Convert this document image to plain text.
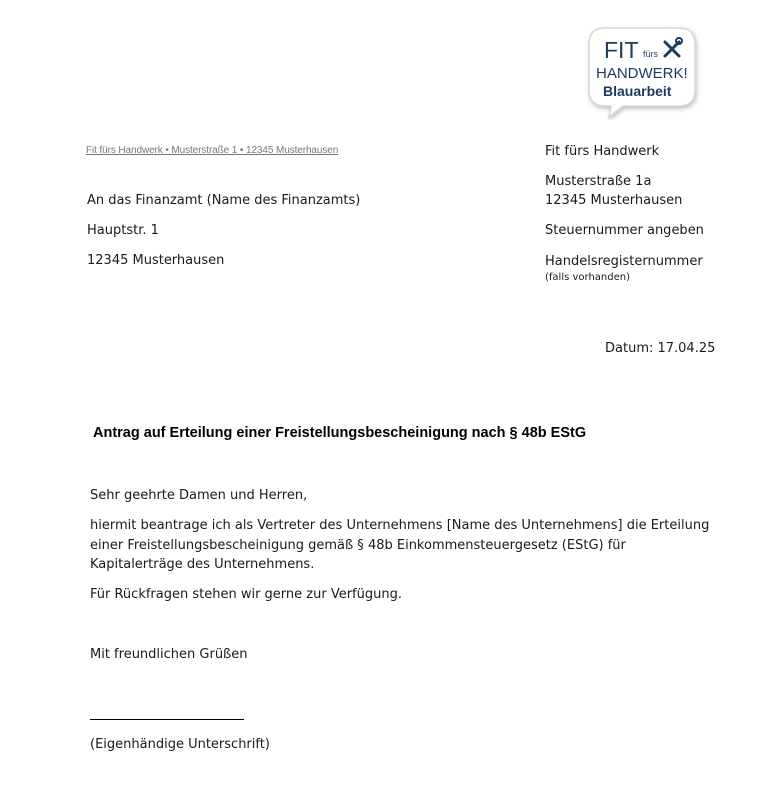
FIT fürs
HANDWERK!
Blauarbeit
Fit fürs Handwerk • Musterstraße 1 • 12345 Musterhausen
An das Finanzamt (Name des Finanzamts)
Hauptstr. 1
12345 Musterhausen
Fit fürs Handwerk
Musterstraße 1a
12345 Musterhausen
Steuernummer angeben
Handelsregisternummer
(falls vorhanden)
Datum: 17.04.25
Antrag auf Erteilung einer Freistellungsbescheinigung nach § 48b EStG
Sehr geehrte Damen und Herren,
hiermit beantrage ich als Vertreter des Unternehmens [Name des Unternehmens] die Erteilung einer Freistellungsbescheinigung gemäß § 48b Einkommensteuergesetz (EStG) für Kapitalerträge des Unternehmens.
Für Rückfragen stehen wir gerne zur Verfügung.
Mit freundlichen Grüßen
(Eigenhändige Unterschrift)
